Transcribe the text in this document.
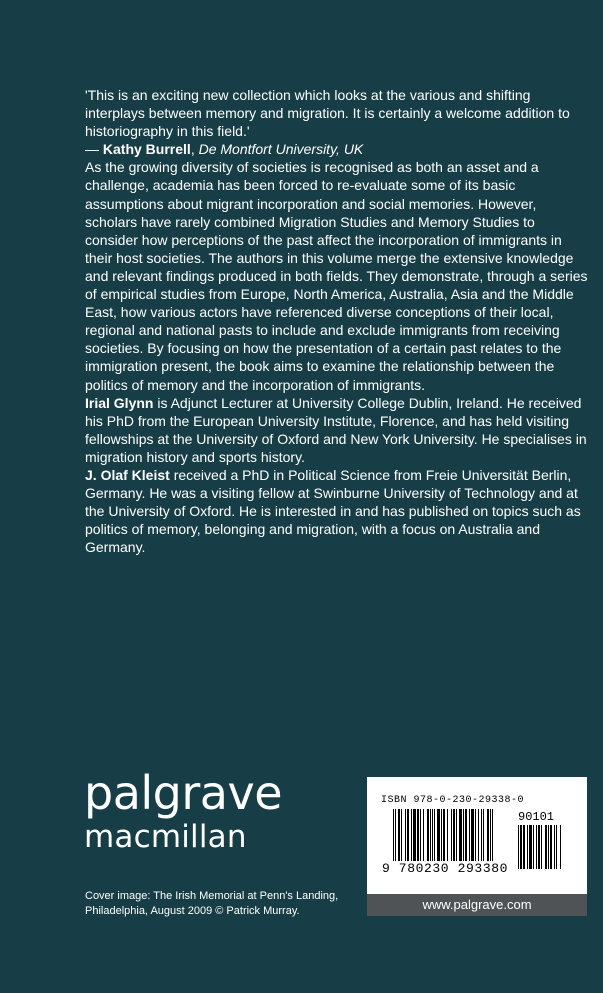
'This is an exciting new collection which looks at the various and shifting interplays between memory and migration. It is certainly a welcome addition to historiography in this field.'
— Kathy Burrell, De Montfort University, UK

As the growing diversity of societies is recognised as both an asset and a challenge, academia has been forced to re-evaluate some of its basic assumptions about migrant incorporation and social memories. However, scholars have rarely combined Migration Studies and Memory Studies to consider how perceptions of the past affect the incorporation of immigrants in their host societies. The authors in this volume merge the extensive knowledge and relevant findings produced in both fields. They demonstrate, through a series of empirical studies from Europe, North America, Australia, Asia and the Middle East, how various actors have referenced diverse conceptions of their local, regional and national pasts to include and exclude immigrants from receiving societies. By focusing on how the presentation of a certain past relates to the immigration present, the book aims to examine the relationship between the politics of memory and the incorporation of immigrants.

Irial Glynn is Adjunct Lecturer at University College Dublin, Ireland. He received his PhD from the European University Institute, Florence, and has held visiting fellowships at the University of Oxford and New York University. He specialises in migration history and sports history.

J. Olaf Kleist received a PhD in Political Science from Freie Universität Berlin, Germany. He was a visiting fellow at Swinburne University of Technology and at the University of Oxford. He is interested in and has published on topics such as politics of memory, belonging and migration, with a focus on Australia and Germany.

palgrave
macmillan
Cover image: The Irish Memorial at Penn's Landing, Philadelphia, August 2009 © Patrick Murray.
ISBN 978-0-230-29338-0
90101
9 780230 293380
www.palgrave.com
